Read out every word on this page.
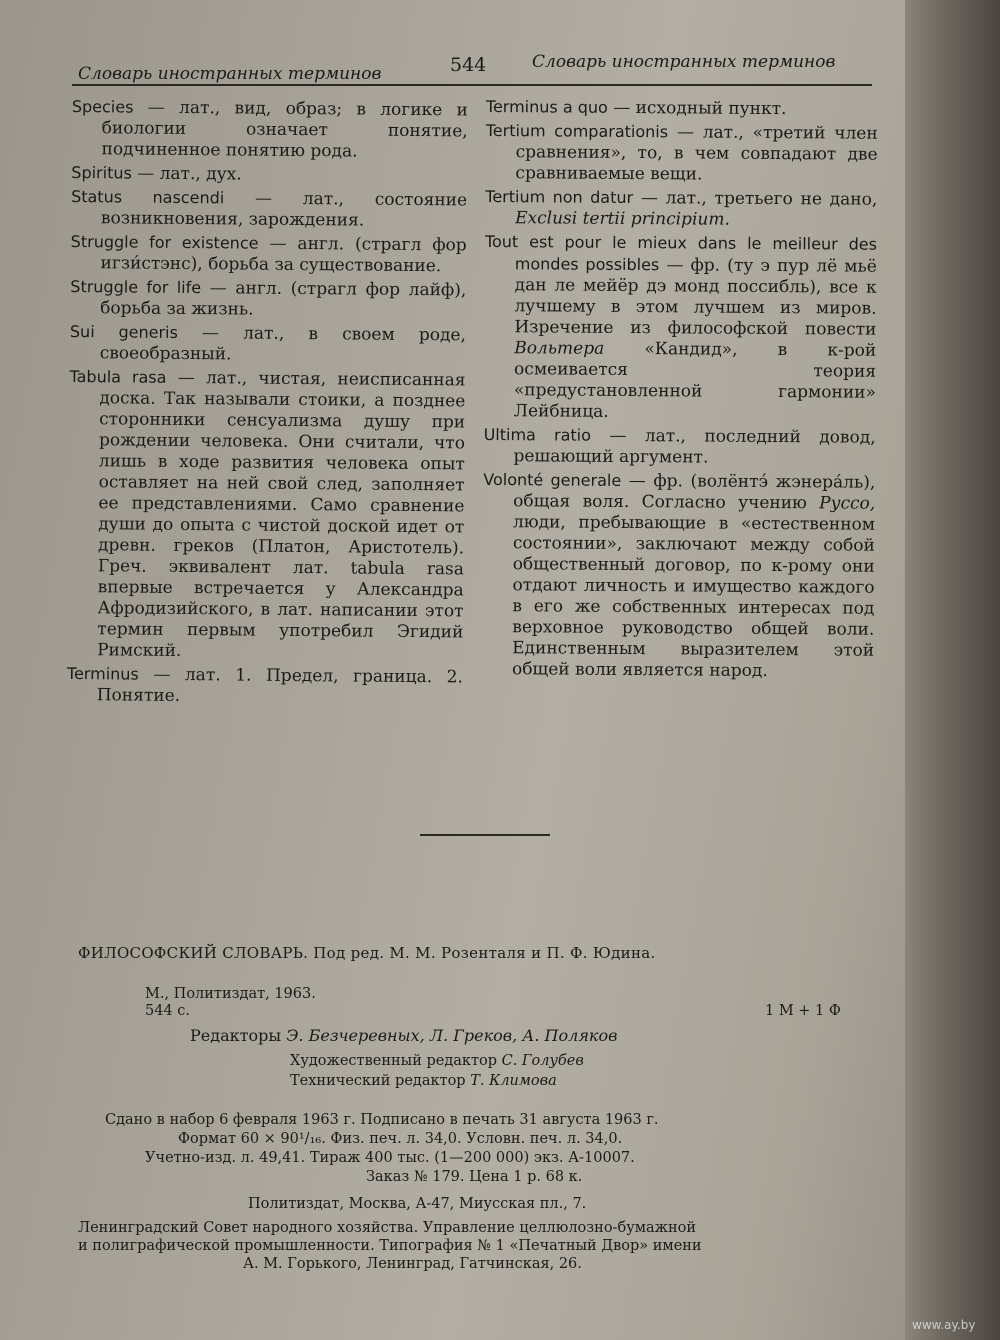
Словарь иностранных терминов	544	Словарь иностранных терминов

Species — лат., вид, образ; в логике и биологии означает понятие, подчиненное понятию рода.

Spiritus — лат., дух.

Status nascendi — лат., состояние возникновения, зарождения.

Struggle for existence — англ. (стрaгл фор игзи́стэнс), борьба за существование.

Struggle for life — англ. (страгл фор лайф), борьба за жизнь.

Sui generis — лат., в своем роде, своеобразный.

Tabula rasa — лат., чистая, неисписанная доска. Так называли стоики, а позднее сторонники сенсуализма душу при рождении человека. Они считали, что лишь в ходе развития человека опыт оставляет на ней свой след, заполняет ее представлениями. Само сравнение души до опыта с чистой доской идет от древн. греков (Платон, Аристотель). Греч. эквивалент лат. tabula rasa впервые встречается у Александра Афродизийского, в лат. написании этот термин первым употребил Эгидий Римский.

Terminus — лат. 1. Предел, граница. 2. Понятие.

Terminus a quo — исходный пункт.

Tertium comparationis — лат., «третий член сравнения», то, в чем совпадают две сравниваемые вещи.

Tertium non datur — лат., третьего не дано, Exclusi tertii principium.

Tout est pour le mieux dans le meilleur des mondes possibles — фр. (ту э пур лё мьё дан ле мейёр дэ монд поссибль), все к лучшему в этом лучшем из миров. Изречение из философской повести Вольтера «Кандид», в к-рой осмеивается теория «предустановленной гармонии» Лейбница.

Ultima ratio — лат., последний довод, решающий аргумент.

Volonté generale — фр. (волёнтэ́ жэнера́ль), общая воля. Согласно учению Руссо, люди, пребывающие в «естественном состоянии», заключают между собой общественный договор, по к-рому они отдают личность и имущество каждого в его же собственных интересах под верховное руководство общей воли. Единственным выразителем этой общей воли является народ.

ФИЛОСОФСКИЙ СЛОВАРЬ. Под ред. М. М. Розенталя и П. Ф. Юдина.
М., Политиздат, 1963.
544 с.	1 М + 1 Ф
Редакторы Э. Безчеревных, Л. Греков, А. Поляков
Художественный редактор С. Голубев
Технический редактор Т. Климова
Сдано в набор 6 февраля 1963 г. Подписано в печать 31 августа 1963 г.
Формат 60 × 90¹/₁₆. Физ. печ. л. 34,0. Условн. печ. л. 34,0.
Учетно-изд. л. 49,41. Тираж 400 тыс. (1—200 000) экз. А-10007.
Заказ № 179. Цена 1 р. 68 к.
Политиздат, Москва, А-47, Миусская пл., 7.
Ленинградский Совет народного хозяйства. Управление целлюлозно-бумажной
и полиграфической промышленности. Типография № 1 «Печатный Двор» имени
А. М. Горького, Ленинград, Гатчинская, 26.
www.ay.by
